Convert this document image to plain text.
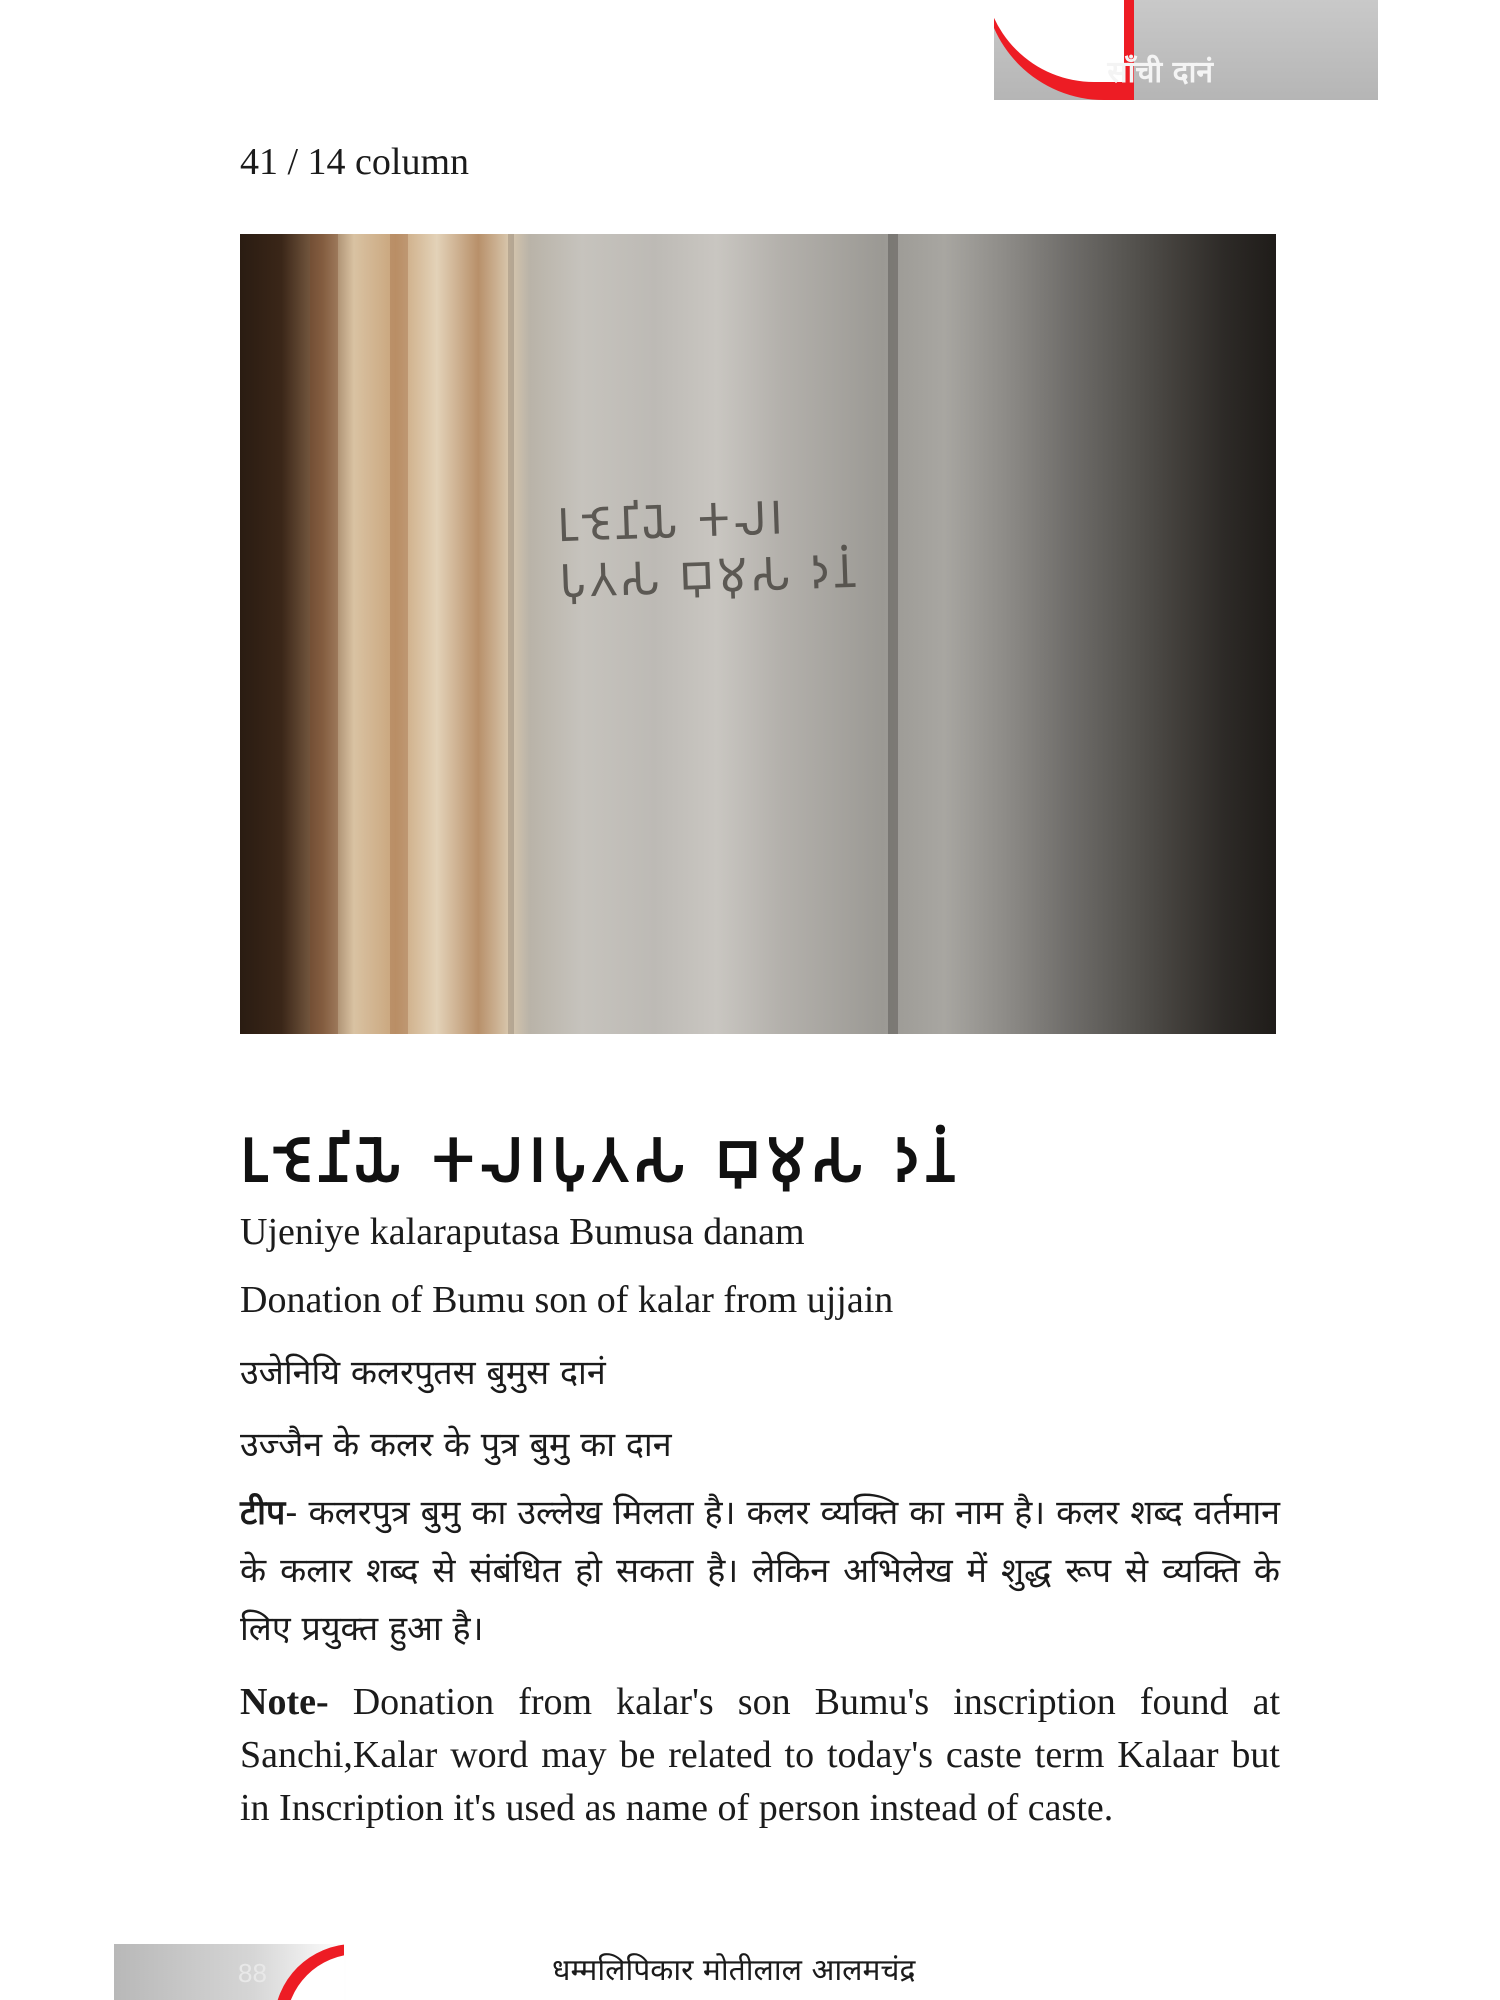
साँची दानं
41 / 14 column
𑀉𑀚𑁂𑀦𑀺𑀬𑁂 𑀓𑀮𑀭
𑀧𑀼𑀢𑀲 𑀩𑀼𑀫𑀼𑀲 𑀤𑀦𑀁
𑀉𑀚𑁂𑀦𑀺𑀬𑁂 𑀓𑀮𑀭𑀧𑀼𑀢𑀲 𑀩𑀼𑀫𑀼𑀲 𑀤𑀦𑀁
Ujeniye kalaraputasa Bumusa danam
Donation of Bumu son of kalar from ujjain
उजेनियि कलरपुतस बुमुस दानं
उज्जैन के कलर के पुत्र बुमु का दान
टीप- कलरपुत्र बुमु का उल्लेख मिलता है। कलर व्यक्ति का नाम है। कलर शब्द वर्तमान के कलार शब्द से संबंधित हो सकता है। लेकिन अभिलेख में शुद्ध रूप से व्यक्ति के लिए प्रयुक्त हुआ है।
Note- Donation from kalar's son Bumu's inscription found at Sanchi,Kalar word may be related to today's caste term Kalaar but in Inscription it's used as name of person instead of caste.
88	धम्मलिपिकार मोतीलाल आलमचंद्र
